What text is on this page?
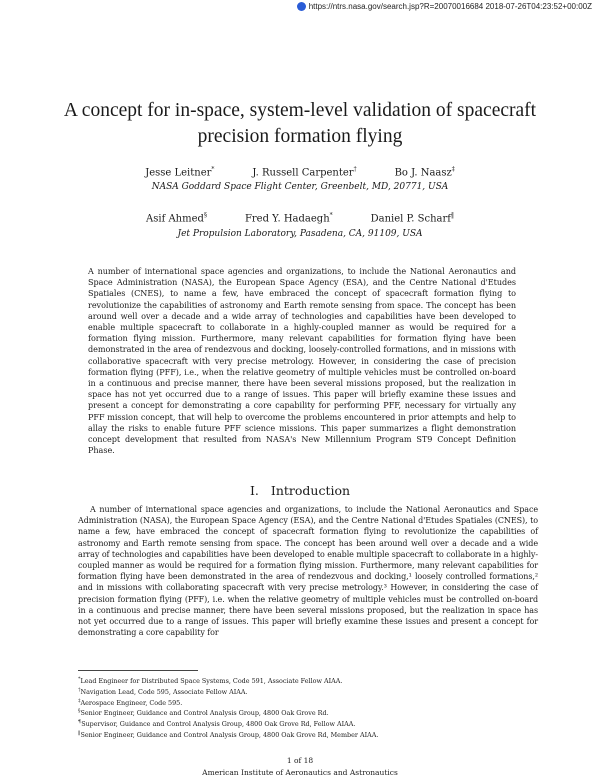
https://ntrs.nasa.gov/search.jsp?R=20070016684 2018-07-26T04:23:52+00:00Z
A concept for in-space, system-level validation of spacecraft precision formation flying
Jesse Leitner*	J. Russell Carpenter†	Bo J. Naasz‡
NASA Goddard Space Flight Center, Greenbelt, MD, 20771, USA
Asif Ahmed§	Fred Y. Hadaegh*	Daniel P. Scharf‖
Jet Propulsion Laboratory, Pasadena, CA, 91109, USA
A number of international space agencies and organizations, to include the National Aeronautics and Space Administration (NASA), the European Space Agency (ESA), and the Centre National d'Etudes Spatiales (CNES), to name a few, have embraced the concept of spacecraft formation flying to revolutionize the capabilities of astronomy and Earth remote sensing from space. The concept has been around well over a decade and a wide array of technologies and capabilities have been developed to enable multiple spacecraft to collaborate in a highly-coupled manner as would be required for a formation flying mission. Furthermore, many relevant capabilities for formation flying have been demonstrated in the area of rendezvous and docking, loosely-controlled formations, and in missions with collaborative spacecraft with very precise metrology. However, in considering the case of precision formation flying (PFF), i.e., when the relative geometry of multiple vehicles must be controlled on-board in a continuous and precise manner, there have been several missions proposed, but the realization in space has not yet occurred due to a range of issues. This paper will briefly examine these issues and present a concept for demonstrating a core capability for performing PFF, necessary for virtually any PFF mission concept, that will help to overcome the problems encountered in prior attempts and help to allay the risks to enable future PFF science missions. This paper summarizes a flight demonstration concept development that resulted from NASA's New Millennium Program ST9 Concept Definition Phase.
I. Introduction
A number of international space agencies and organizations, to include the National Aeronautics and Space Administration (NASA), the European Space Agency (ESA), and the Centre National d'Etudes Spatiales (CNES), to name a few, have embraced the concept of spacecraft formation flying to revolutionize the capabilities of astronomy and Earth remote sensing from space. The concept has been around well over a decade and a wide array of technologies and capabilities have been developed to enable multiple spacecraft to collaborate in a highly-coupled manner as would be required for a formation flying mission. Furthermore, many relevant capabilities for formation flying have been demonstrated in the area of rendezvous and docking,¹ loosely controlled formations,² and in missions with collaborating spacecraft with very precise metrology.³ However, in considering the case of precision formation flying (PFF), i.e. when the relative geometry of multiple vehicles must be controlled on-board in a continuous and precise manner, there have been several missions proposed, but the realization in space has not yet occurred due to a range of issues. This paper will briefly examine these issues and present a concept for demonstrating a core capability for
*Lead Engineer for Distributed Space Systems, Code 591, Associate Fellow AIAA.
†Navigation Lead, Code 595, Associate Fellow AIAA.
‡Aerospace Engineer, Code 595.
§Senior Engineer, Guidance and Control Analysis Group, 4800 Oak Grove Rd.
¶Supervisor, Guidance and Control Analysis Group, 4800 Oak Grove Rd, Fellow AIAA.
‖Senior Engineer, Guidance and Control Analysis Group, 4800 Oak Grove Rd, Member AIAA.
1 of 18
American Institute of Aeronautics and Astronautics
